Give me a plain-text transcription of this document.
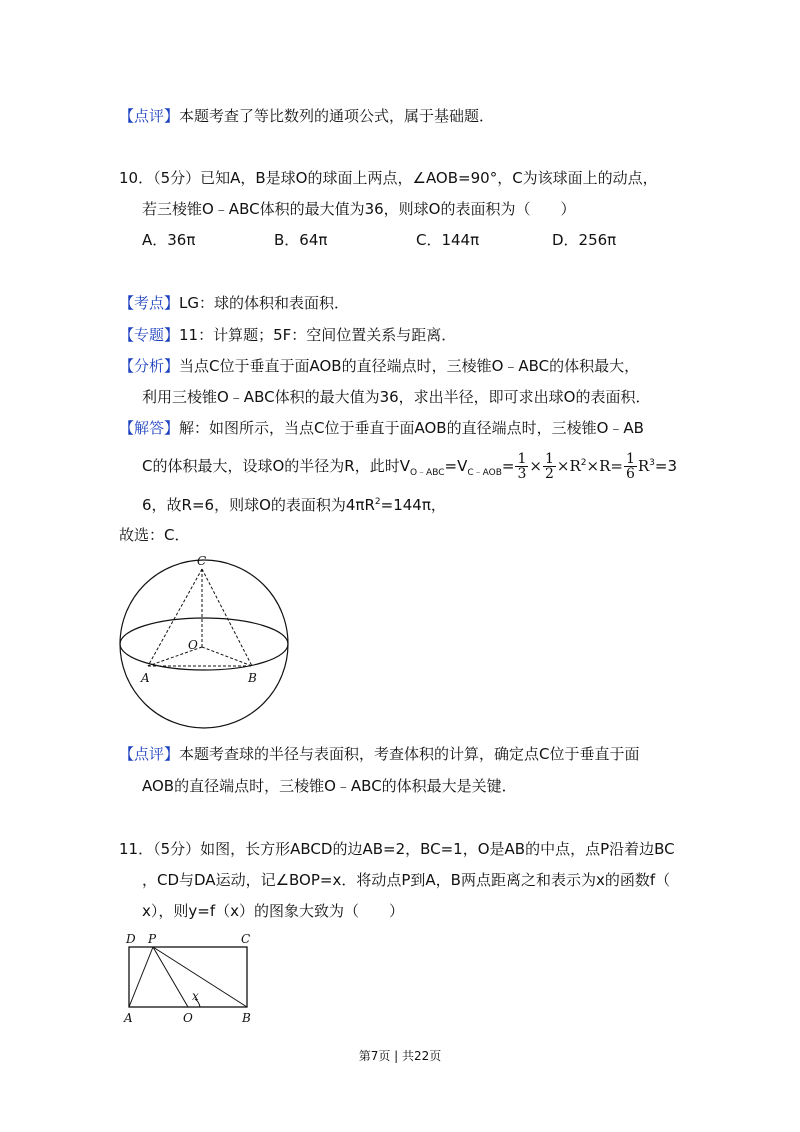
【点评】本题考查了等比数列的通项公式，属于基础题．
10．（5分）已知A，B是球O的球面上两点，∠AOB=90°，C为该球面上的动点，
若三棱锥O﹣ABC体积的最大值为36，则球O的表面积为（　　）
A．36π	B．64π	C．144π	D．256π
【考点】LG：球的体积和表面积．
【专题】11：计算题；5F：空间位置关系与距离．
【分析】当点C位于垂直于面AOB的直径端点时，三棱锥O﹣ABC的体积最大，
利用三棱锥O﹣ABC体积的最大值为36，求出半径，即可求出球O的表面积．
【解答】解：如图所示，当点C位于垂直于面AOB的直径端点时，三棱锥O﹣AB
C的体积最大，设球O的半径为R，此时$V_{O﹣ABC}=V_{C﹣AOB}= \frac{1}{3} \times \frac{1}{2} \times R^2\times R= \frac{1}{6} R^3=3$
6，故R=6，则球O的表面积为$4\pi R^2=144\pi$，
故选：C．
C
O
A	B
【点评】本题考查球的半径与表面积，考查体积的计算，确定点C位于垂直于面
AOB的直径端点时，三棱锥O﹣ABC的体积最大是关键．
11．（5分）如图，长方形ABCD的边AB=2，BC=1，O是AB的中点，点P沿着边BC
，CD与DA运动，记∠BOP=x．将动点P到A，B两点距离之和表示为x的函数f（
x），则y=f（x）的图象大致为（　　）
D P	C
A	O	B
x
第7页 | 共22页
